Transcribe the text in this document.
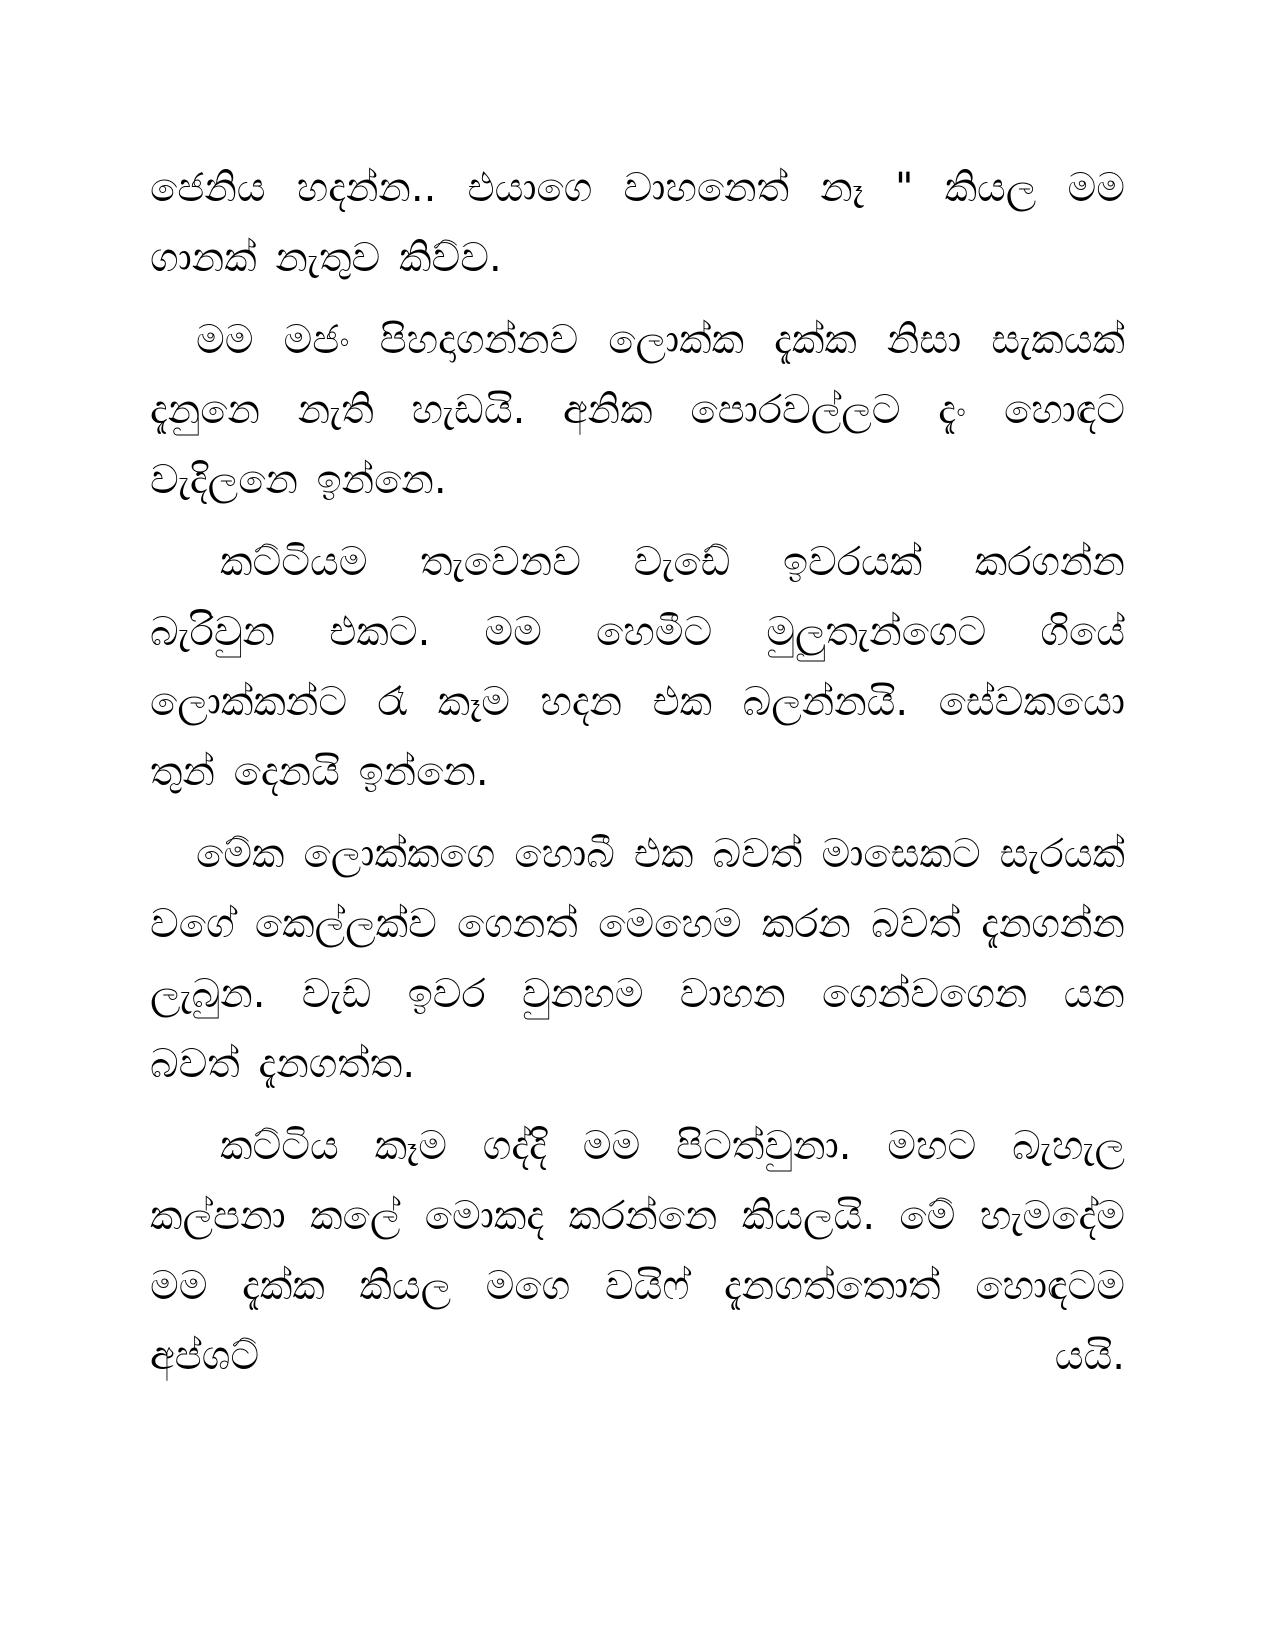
ජෙනිය හදන්න.. එයාගෙ වාහනෙත් නෑ " කියල මම ගානක් නැතුව කිව්ව.

මම මජං පිහදාගන්නව ලොක්ක දැක්ක නිසා සැකයක් දැනුනෙ නැති හැඩයි. අනික පොරවල්ලට දැං හොඳට වැදිලනෙ ඉන්නෙ.

කට්ටියම තැවෙනව වැඩේ ඉවරයක් කරගන්න බැරිවුන එකට. මම හෙමීට මුලුතැන්ගෙට ගියේ ලොක්කන්ට රෑ කෑම හදන එක බලන්නයි. සේවකයො තුන් දෙනයි ඉන්නෙ.

මේක ලොක්කගෙ හොබී එක බවත් මාසෙකට සැරයක් වගේ කෙල්ලක්ව ගෙනත් මෙහෙම කරන බවත් දැනගන්න ලැබුන. වැඩ ඉවර වුනහම වාහන ගෙන්වගෙන යන බවත් දැනගත්ත.

කට්ටිය කෑම ගද්දි මම පිටත්වුනා. මහට බැහැල කල්පනා කලේ මොකද කරන්නෙ කියලයි. මේ හැමදේම මම දැක්ක කියල මගෙ වයිෆ් දැනගත්තොත් හොඳටම අප්ශට් යයි.
